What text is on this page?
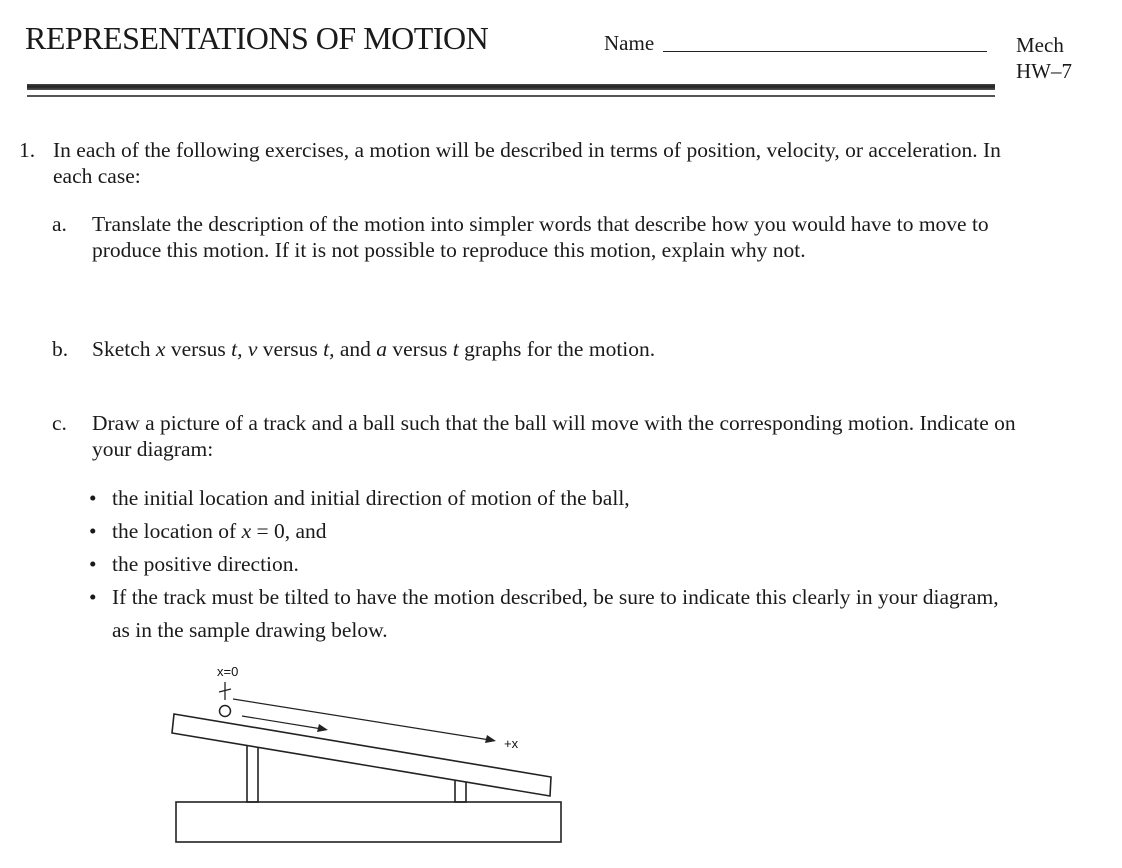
REPRESENTATIONS OF MOTION	Name	Mech
HW–7
1. In each of the following exercises, a motion will be described in terms of position, velocity, or acceleration. In each case:
a. Translate the description of the motion into simpler words that describe how you would have to move to produce this motion. If it is not possible to reproduce this motion, explain why not.
b. Sketch x versus t, v versus t, and a versus t graphs for the motion.
c. Draw a picture of a track and a ball such that the ball will move with the corresponding motion. Indicate on your diagram:
• the initial location and initial direction of motion of the ball,
• the location of x = 0, and
• the positive direction.
• If the track must be tilted to have the motion described, be sure to indicate this clearly in your diagram, as in the sample drawing below.
x=0
+x
